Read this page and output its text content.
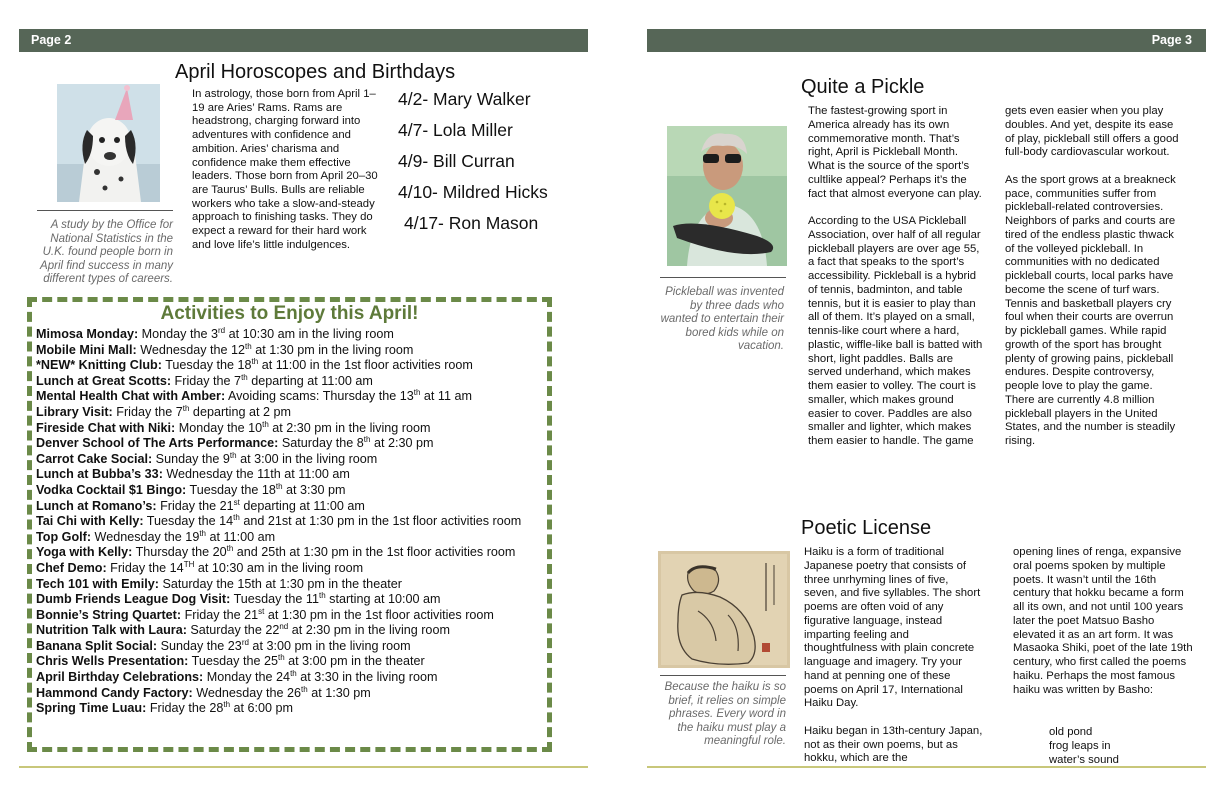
Page 2	Page 3
April Horoscopes and Birthdays
A study by the Office for National Statistics in the U.K. found people born in April find success in many different types of careers.
In astrology, those born from April 1–19 are Aries’ Rams. Rams are headstrong, charging forward into adventures with confidence and ambition. Aries’ charisma and confidence make them effective leaders. Those born from April 20–30 are Taurus’ Bulls. Bulls are reliable workers who take a slow-and-steady approach to finishing tasks. They do expect a reward for their hard work and love life’s little indulgences.
4/2- Mary Walker
4/7- Lola Miller
4/9- Bill Curran
4/10- Mildred Hicks
4/17- Ron Mason
Activities to Enjoy this April!
Mimosa Monday: Monday the 3rd at 10:30 am in the living room
Mobile Mini Mall: Wednesday the 12th at 1:30 pm in the living room
*NEW* Knitting Club: Tuesday the 18th at 11:00 in the 1st floor activities room
Lunch at Great Scotts: Friday the 7th departing at 11:00 am
Mental Health Chat with Amber: Avoiding scams: Thursday the 13th at 11 am
Library Visit: Friday the 7th departing at 2 pm
Fireside Chat with Niki: Monday the 10th at 2:30 pm in the living room
Denver School of The Arts Performance: Saturday the 8th at 2:30 pm
Carrot Cake Social: Sunday the 9th at 3:00 in the living room
Lunch at Bubba’s 33: Wednesday the 11th at 11:00 am
Vodka Cocktail $1 Bingo: Tuesday the 18th at 3:30 pm
Lunch at Romano’s: Friday the 21st departing at 11:00 am
Tai Chi with Kelly: Tuesday the 14th and 21st at 1:30 pm in the 1st floor activities room
Top Golf: Wednesday the 19th at 11:00 am
Yoga with Kelly: Thursday the 20th and 25th at 1:30 pm in the 1st floor activities room
Chef Demo: Friday the 14TH at 10:30 am in the living room
Tech 101 with Emily: Saturday the 15th at 1:30 pm in the theater
Dumb Friends League Dog Visit: Tuesday the 11th starting at 10:00 am
Bonnie’s String Quartet: Friday the 21st at 1:30 pm in the 1st floor activities room
Nutrition Talk with Laura: Saturday the 22nd at 2:30 pm in the living room
Banana Split Social: Sunday the 23rd at 3:00 pm in the living room
Chris Wells Presentation: Tuesday the 25th at 3:00 pm in the theater
April Birthday Celebrations: Monday the 24th at 3:30 in the living room
Hammond Candy Factory: Wednesday the 26th at 1:30 pm
Spring Time Luau: Friday the 28th at 6:00 pm
Quite a Pickle
Pickleball was invented by three dads who wanted to entertain their bored kids while on vacation.

The fastest-growing sport in America already has its own commemorative month. That’s right, April is Pickleball Month. What is the source of the sport’s cultlike appeal? Perhaps it’s the fact that almost everyone can play.

According to the USA Pickleball Association, over half of all regular pickleball players are over age 55, a fact that speaks to the sport’s accessibility. Pickleball is a hybrid of tennis, badminton, and table tennis, but it is easier to play than all of them. It’s played on a small, tennis-like court where a hard, plastic, wiffle-like ball is batted with short, light paddles. Balls are served underhand, which makes them easier to volley. The court is smaller, which makes ground easier to cover. Paddles are also smaller and lighter, which makes them easier to handle. The game

gets even easier when you play doubles. And yet, despite its ease of play, pickleball still offers a good full-body cardiovascular workout.

As the sport grows at a breakneck pace, communities suffer from pickleball-related controversies. Neighbors of parks and courts are tired of the endless plastic thwack of the volleyed pickleball. In communities with no dedicated pickleball courts, local parks have become the scene of turf wars. Tennis and basketball players cry foul when their courts are overrun by pickleball games. While rapid growth of the sport has brought plenty of growing pains, pickleball endures. Despite controversy, people love to play the game. There are currently 4.8 million pickleball players in the United States, and the number is steadily rising.

Poetic License
Because the haiku is so brief, it relies on simple phrases. Every word in the haiku must play a meaningful role.

Haiku is a form of traditional Japanese poetry that consists of three unrhyming lines of five, seven, and five syllables. The short poems are often void of any figurative language, instead imparting feeling and thoughtfulness with plain concrete language and imagery. Try your hand at penning one of these poems on April 17, International Haiku Day.

Haiku began in 13th-century Japan, not as their own poems, but as hokku, which are the

opening lines of renga, expansive oral poems spoken by multiple poets. It wasn’t until the 16th century that hokku became a form all its own, and not until 100 years later the poet Matsuo Basho elevated it as an art form. It was Masaoka Shiki, poet of the late 19th century, who first called the poems haiku. Perhaps the most famous haiku was written by Basho:

old pond
frog leaps in
water’s sound
